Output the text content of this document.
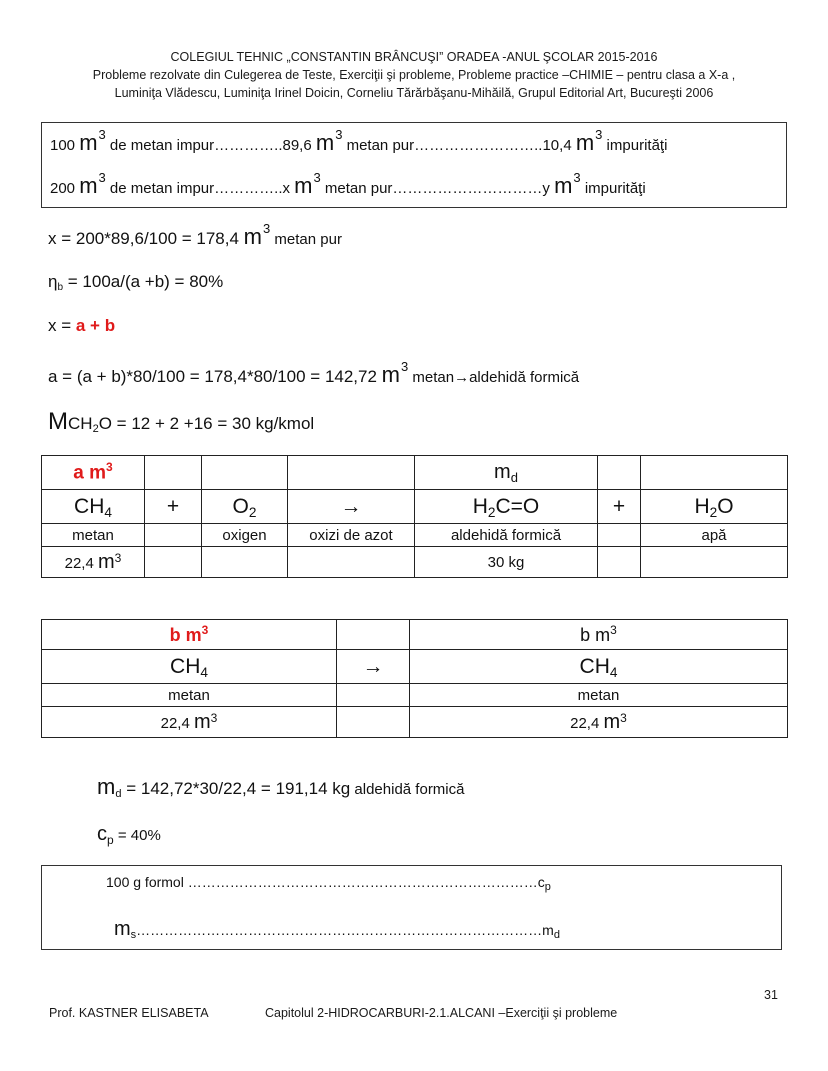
COLEGIUL TEHNIC „CONSTANTIN BRÂNCUŞI” ORADEA -ANUL ŞCOLAR 2015-2016
Probleme rezolvate din Culegerea de Teste, Exerciţii şi probleme, Probleme practice –CHIMIE – pentru clasa a X-a ,
Luminiţa Vlădescu, Luminiţa Irinel Doicin, Corneliu Tărărbăşanu-Mihăilă, Grupul Editorial Art, Bucureşti 2006
100 $m^3$ de metan impur…………..89,6 $m^3$ metan pur……………………..10,4 $m^3$ impurităţi
200 $m^3$ de metan impur…………..x $m^3$ metan pur…………………………y $m^3$ impurităţi
x = 200*89,6/100 = 178,4 $m^3$ metan pur
ηb = 100a/(a +b) = 80%
x = a + b
a = (a + b)*80/100 = 178,4*80/100 = 142,72 $m^3$ metan→aldehidă formică
MCH2O = 12 + 2 +16 = 30 kg/kmol
a $m^3$				md		
CH4	+	O2	→	H2C=O	+	H2O
metan		oxigen	oxizi de azot	aldehidă formică		apă
22,4 $m^3$				30 kg		
b $m^3$		b $m^3$
CH4	→	CH4
metan		metan
22,4 $m^3$		22,4 $m^3$
md = 142,72*30/22,4 = 191,14 kg aldehidă formică
$c_p = 40\%$
100 g formol $\dots\dots\dots\dots\dots\dots\dots\dots\dots\dots\dots\dots\dots\dots\dots\dots\dots\dots\dots\dots\dots\dots\dots\dots\dots c_p$
$m_s\dots\dots\dots\dots\dots\dots\dots\dots\dots\dots\dots\dots\dots\dots\dots\dots\dots\dots\dots\dots\dots\dots\dots\dots\dots\dots\dots\dots\dots m_d$
31
Prof. KASTNER ELISABETA	Capitolul 2-HIDROCARBURI-2.1.ALCANI –Exerciţii şi probleme
